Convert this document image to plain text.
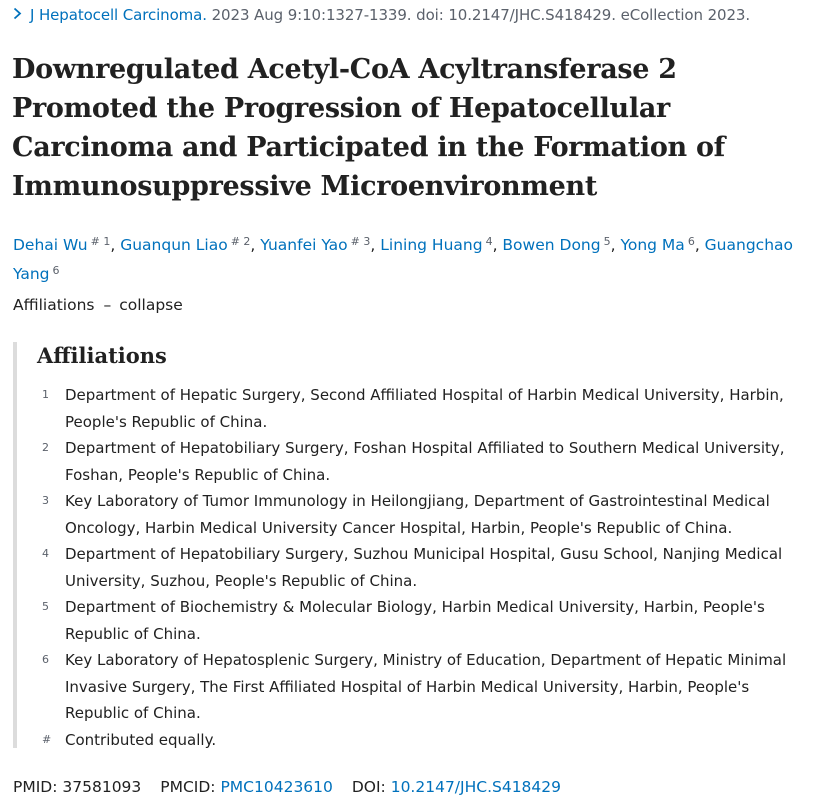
J Hepatocell Carcinoma. 2023 Aug 9:10:1327-1339. doi: 10.2147/JHC.S418429. eCollection 2023.
Downregulated Acetyl-CoA Acyltransferase 2 Promoted the Progression of Hepatocellular Carcinoma and Participated in the Formation of Immunosuppressive Microenvironment
Dehai Wu $^{\# 1}$, Guanqun Liao $^{\# 2}$, Yuanfei Yao $^{\# 3}$, Lining Huang $^4$, Bowen Dong $^5$, Yong Ma $^6$, Guangchao Yang $^6$
Affiliations – collapse
Affiliations
1 Department of Hepatic Surgery, Second Affiliated Hospital of Harbin Medical University, Harbin, People's Republic of China.
2 Department of Hepatobiliary Surgery, Foshan Hospital Affiliated to Southern Medical University, Foshan, People's Republic of China.
3 Key Laboratory of Tumor Immunology in Heilongjiang, Department of Gastrointestinal Medical Oncology, Harbin Medical University Cancer Hospital, Harbin, People's Republic of China.
4 Department of Hepatobiliary Surgery, Suzhou Municipal Hospital, Gusu School, Nanjing Medical University, Suzhou, People's Republic of China.
5 Department of Biochemistry & Molecular Biology, Harbin Medical University, Harbin, People's Republic of China.
6 Key Laboratory of Hepatosplenic Surgery, Ministry of Education, Department of Hepatic Minimal Invasive Surgery, The First Affiliated Hospital of Harbin Medical University, Harbin, People's Republic of China.
# Contributed equally.
PMID: 37581093 PMCID: PMC10423610 DOI: 10.2147/JHC.S418429
